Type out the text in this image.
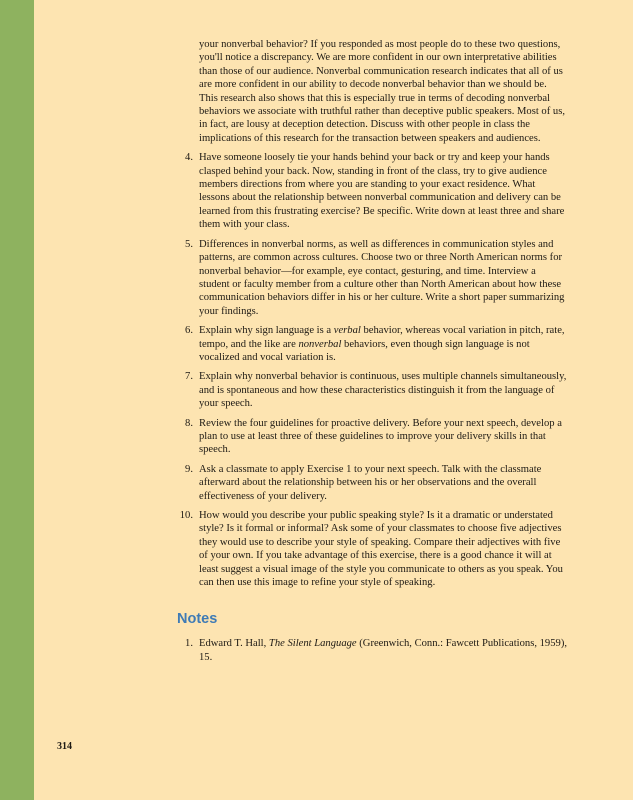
your nonverbal behavior? If you responded as most people do to these two questions, you'll notice a discrepancy. We are more confident in our own interpretative abilities than those of our audience. Nonverbal communication research indicates that all of us are more confident in our ability to decode nonverbal behavior than we should be. This research also shows that this is especially true in terms of decoding nonverbal behaviors we associate with truthful rather than deceptive public speakers. Most of us, in fact, are lousy at deception detection. Discuss with other people in class the implications of this research for the transaction between speakers and audiences.

4. Have someone loosely tie your hands behind your back or try and keep your hands clasped behind your back. Now, standing in front of the class, try to give audience members directions from where you are standing to your exact residence. What lessons about the relationship between nonverbal communication and delivery can be learned from this frustrating exercise? Be specific. Write down at least three and share them with your class.
5. Differences in nonverbal norms, as well as differences in communication styles and patterns, are common across cultures. Choose two or three North American norms for nonverbal behavior—for example, eye contact, gesturing, and time. Interview a student or faculty member from a culture other than North American about how these communication behaviors differ in his or her culture. Write a short paper summarizing your findings.
6. Explain why sign language is a verbal behavior, whereas vocal variation in pitch, rate, tempo, and the like are nonverbal behaviors, even though sign language is not vocalized and vocal variation is.
7. Explain why nonverbal behavior is continuous, uses multiple channels simultaneously, and is spontaneous and how these characteristics distinguish it from the language of your speech.
8. Review the four guidelines for proactive delivery. Before your next speech, develop a plan to use at least three of these guidelines to improve your delivery skills in that speech.
9. Ask a classmate to apply Exercise 1 to your next speech. Talk with the classmate afterward about the relationship between his or her observations and the overall effectiveness of your delivery.
10. How would you describe your public speaking style? Is it a dramatic or understated style? Is it formal or informal? Ask some of your classmates to choose five adjectives they would use to describe your style of speaking. Compare their adjectives with five of your own. If you take advantage of this exercise, there is a good chance it will at least suggest a visual image of the style you communicate to others as you speak. You can then use this image to refine your style of speaking.
Notes
1. Edward T. Hall, The Silent Language (Greenwich, Conn.: Fawcett Publications, 1959), 15.
314
